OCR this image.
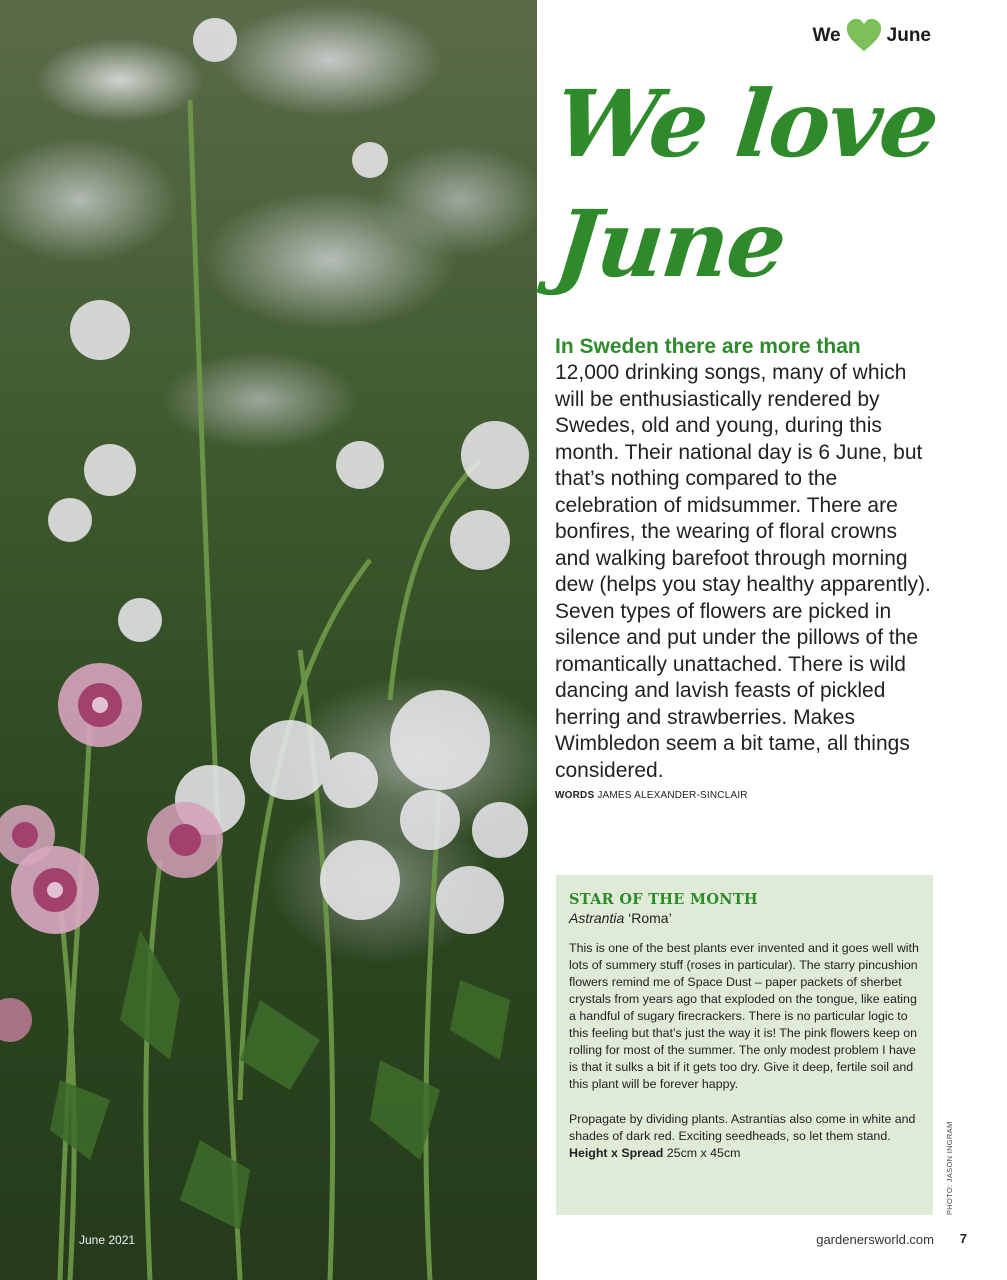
June 2021
We June
We love
June

In Sweden there are more than
12,000 drinking songs, many of which will be enthusiastically rendered by Swedes, old and young, during this month. Their national day is 6 June, but that’s nothing compared to the celebration of midsummer. There are bonfires, the wearing of floral crowns and walking barefoot through morning dew (helps you stay healthy apparently). Seven types of flowers are picked in silence and put under the pillows of the romantically unattached. There is wild dancing and lavish feasts of pickled herring and strawberries. Makes Wimbledon seem a bit tame, all things considered.

WORDS JAMES ALEXANDER-SINCLAIR
STAR OF THE MONTH
Astrantia ‘Roma’

This is one of the best plants ever invented and it goes well with lots of summery stuff (roses in particular). The starry pincushion flowers remind me of Space Dust – paper packets of sherbet crystals from years ago that exploded on the tongue, like eating a handful of sugary firecrackers. There is no particular logic to this feeling but that’s just the way it is! The pink flowers keep on rolling for most of the summer. The only modest problem I have is that it sulks a bit if it gets too dry. Give it deep, fertile soil and this plant will be forever happy.

Propagate by dividing plants. Astrantias also come in white and shades of dark red. Exciting seedheads, so let them stand.
Height x Spread 25cm x 45cm	PHOTO: JASON INGRAM
gardenersworld.com 7
